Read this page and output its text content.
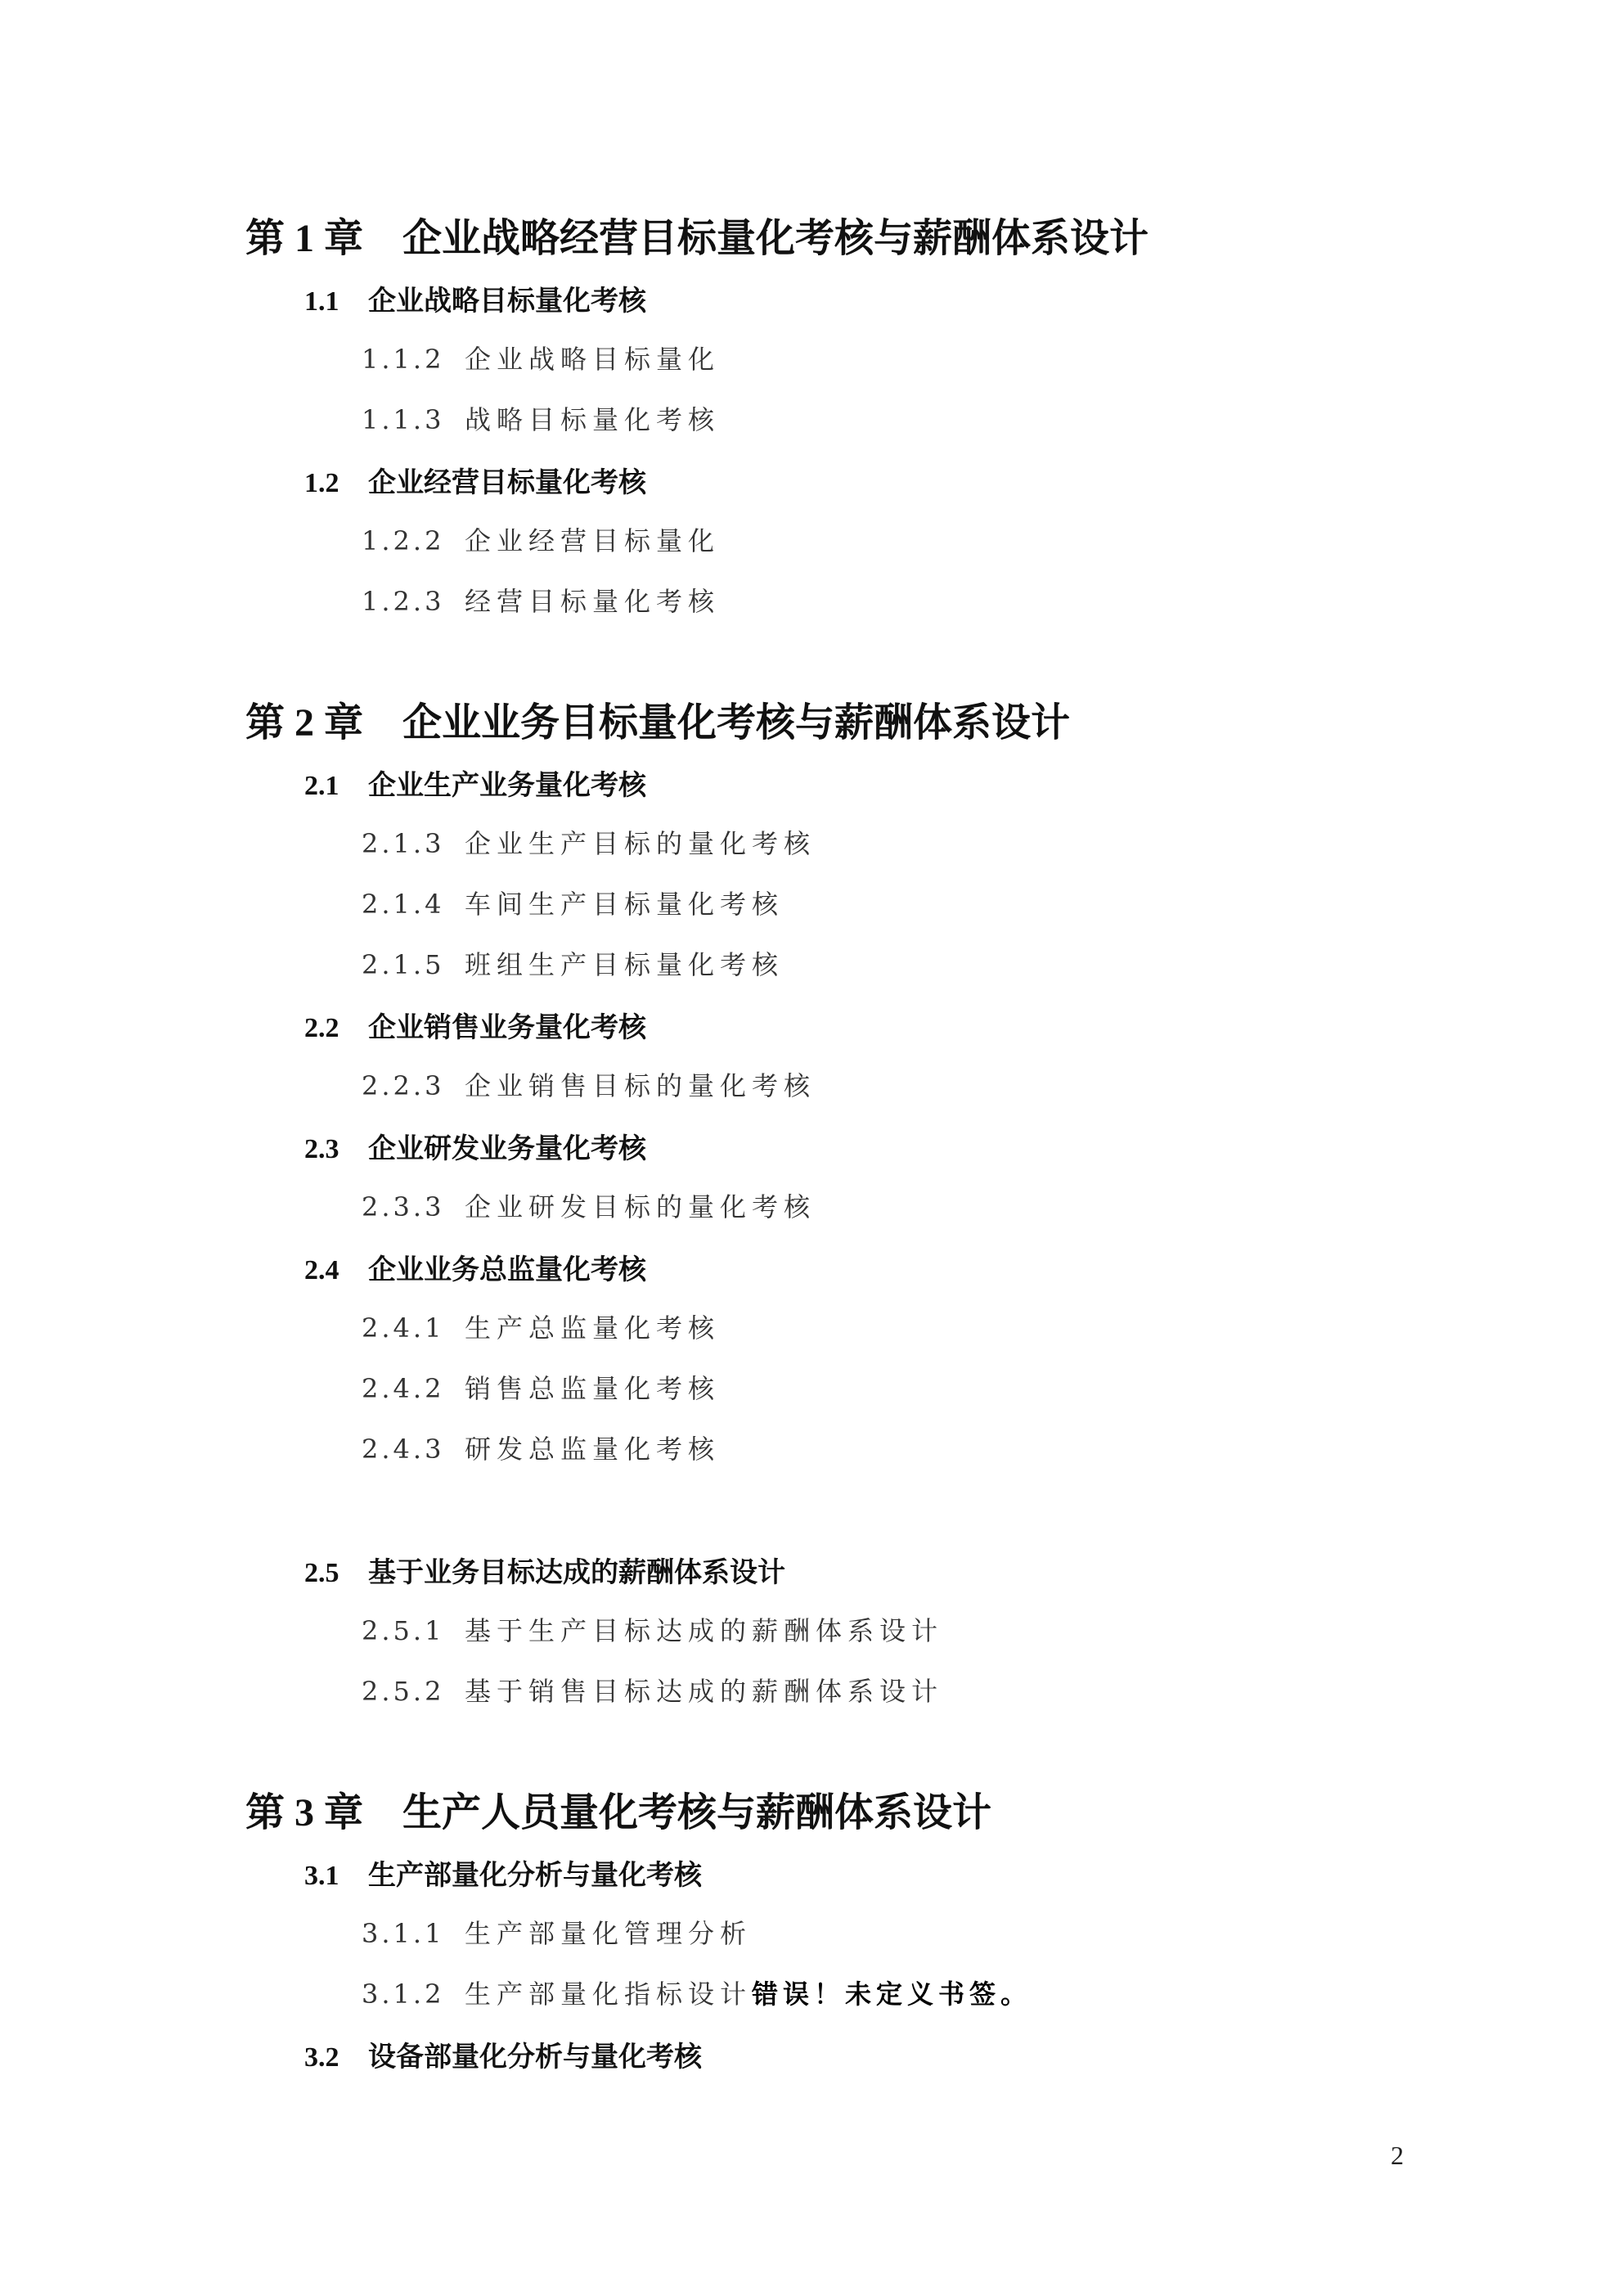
第 1 章 企业战略经营目标量化考核与薪酬体系设计
1.1 企业战略目标量化考核
1.1.2 企业战略目标量化
1.1.3 战略目标量化考核
1.2 企业经营目标量化考核
1.2.2 企业经营目标量化
1.2.3 经营目标量化考核
第 2 章 企业业务目标量化考核与薪酬体系设计
2.1 企业生产业务量化考核
2.1.3 企业生产目标的量化考核
2.1.4 车间生产目标量化考核
2.1.5 班组生产目标量化考核
2.2 企业销售业务量化考核
2.2.3 企业销售目标的量化考核
2.3 企业研发业务量化考核
2.3.3 企业研发目标的量化考核
2.4 企业业务总监量化考核
2.4.1 生产总监量化考核
2.4.2 销售总监量化考核
2.4.3 研发总监量化考核
2.5 基于业务目标达成的薪酬体系设计
2.5.1 基于生产目标达成的薪酬体系设计
2.5.2 基于销售目标达成的薪酬体系设计
第 3 章 生产人员量化考核与薪酬体系设计
3.1 生产部量化分析与量化考核
3.1.1 生产部量化管理分析
3.1.2 生产部量化指标设计错误！未定义书签。
3.2 设备部量化分析与量化考核
2
